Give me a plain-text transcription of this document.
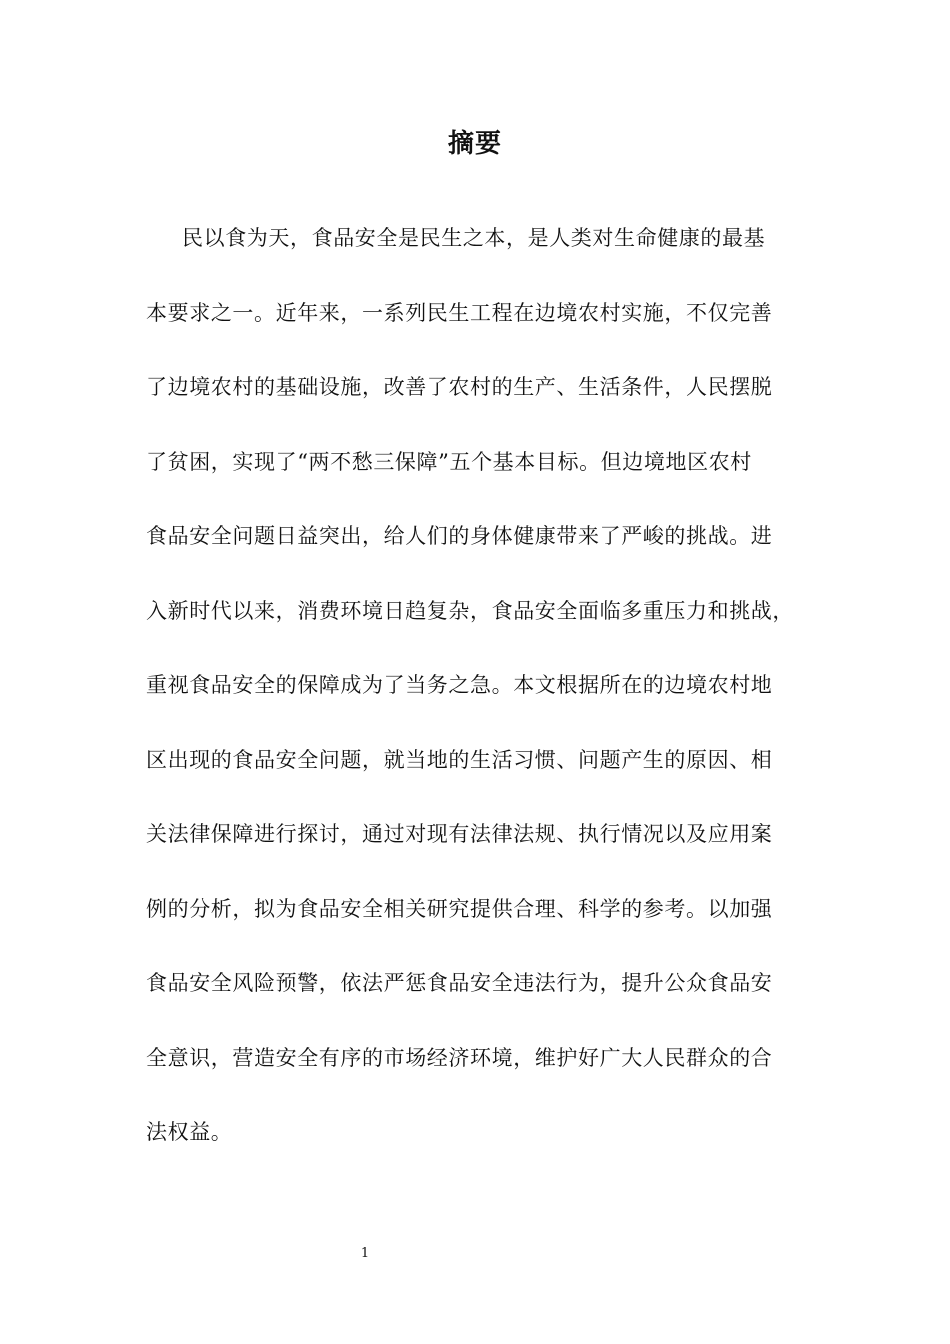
摘要
民以食为天，食品安全是民生之本，是人类对生命健康的最基
本要求之一。近年来，一系列民生工程在边境农村实施，不仅完善
了边境农村的基础设施，改善了农村的生产、生活条件，人民摆脱
了贫困，实现了“两不愁三保障”五个基本目标。但边境地区农村
食品安全问题日益突出，给人们的身体健康带来了严峻的挑战。进
入新时代以来，消费环境日趋复杂，食品安全面临多重压力和挑战，
重视食品安全的保障成为了当务之急。本文根据所在的边境农村地
区出现的食品安全问题，就当地的生活习惯、问题产生的原因、相
关法律保障进行探讨，通过对现有法律法规、执行情况以及应用案
例的分析，拟为食品安全相关研究提供合理、科学的参考。以加强
食品安全风险预警，依法严惩食品安全违法行为，提升公众食品安
全意识，营造安全有序的市场经济环境，维护好广大人民群众的合
法权益。
1
